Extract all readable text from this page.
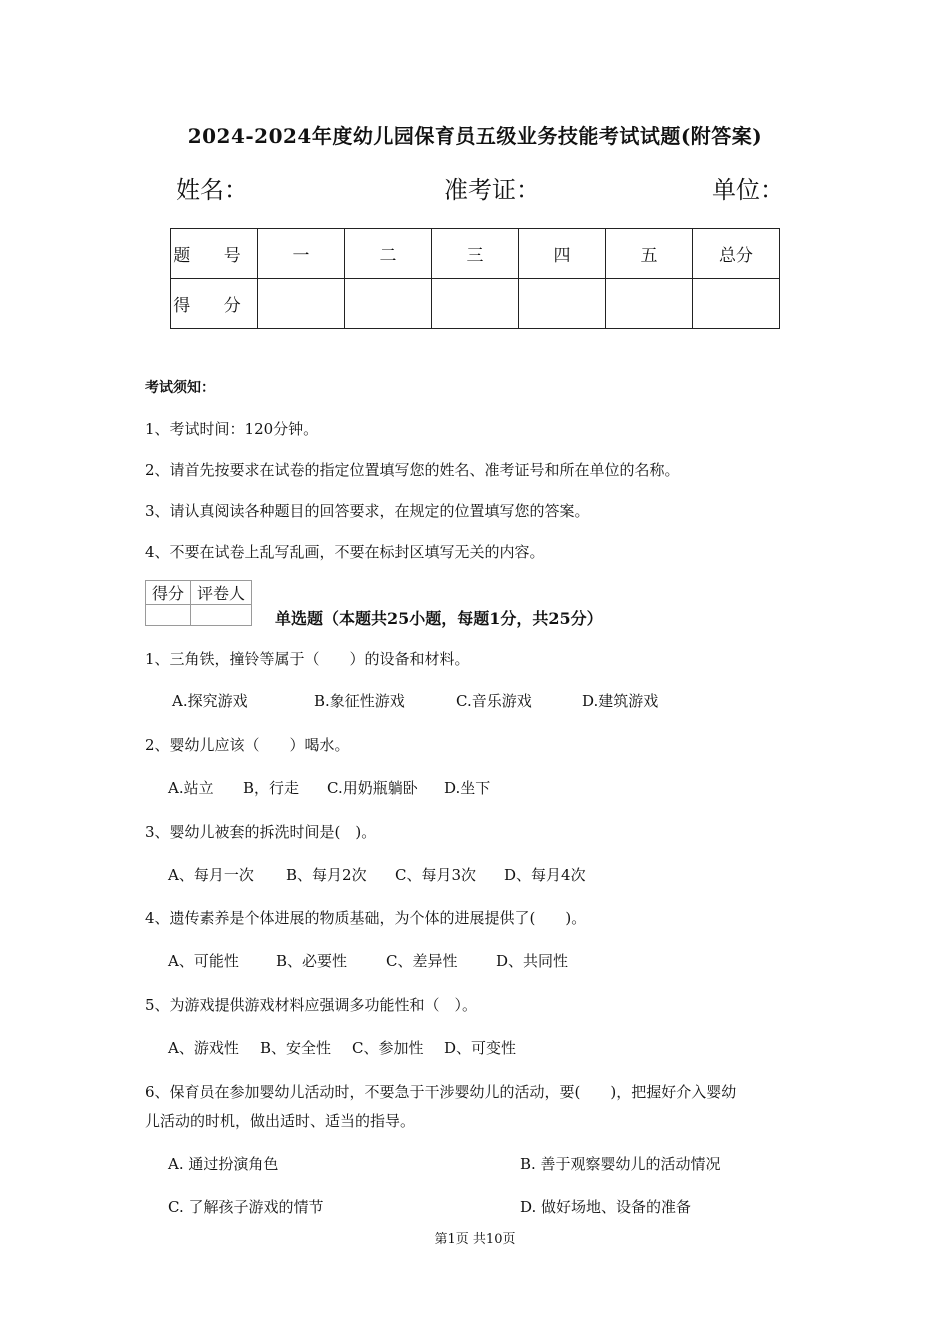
2024-2024年度幼儿园保育员五级业务技能考试试题(附答案)
姓名：	准考证：	单位：
题 号	一	二	三	四	五	总分
得 分						
考试须知：
1、考试时间：120分钟。
2、请首先按要求在试卷的指定位置填写您的姓名、准考证号和所在单位的名称。
3、请认真阅读各种题目的回答要求，在规定的位置填写您的答案。
4、不要在试卷上乱写乱画，不要在标封区填写无关的内容。
得分	评卷人

单选题（本题共25小题，每题1分，共25分）
1、三角铁，撞铃等属于（　　）的设备和材料。
A.探究游戏	B.象征性游戏	C.音乐游戏	D.建筑游戏
2、婴幼儿应该（　　）喝水。
A.站立 B，行走 C.用奶瓶躺卧 D.坐下
3、婴幼儿被套的拆洗时间是(　)。
A、每月一次 B、每月2次 C、每月3次 D、每月4次
4、遗传素养是个体进展的物质基础，为个体的进展提供了(　　)。
A、可能性 B、必要性	C、差异性	D、共同性
5、为游戏提供游戏材料应强调多功能性和（　）。
A、游戏性 B、安全性 C、参加性 D、可变性
6、保育员在参加婴幼儿活动时，不要急于干涉婴幼儿的活动，要(　　)，把握好介入婴幼
儿活动的时机，做出适时、适当的指导。
A. 通过扮演角色	B. 善于观察婴幼儿的活动情况
C. 了解孩子游戏的情节	D. 做好场地、设备的准备
第1页 共10页
